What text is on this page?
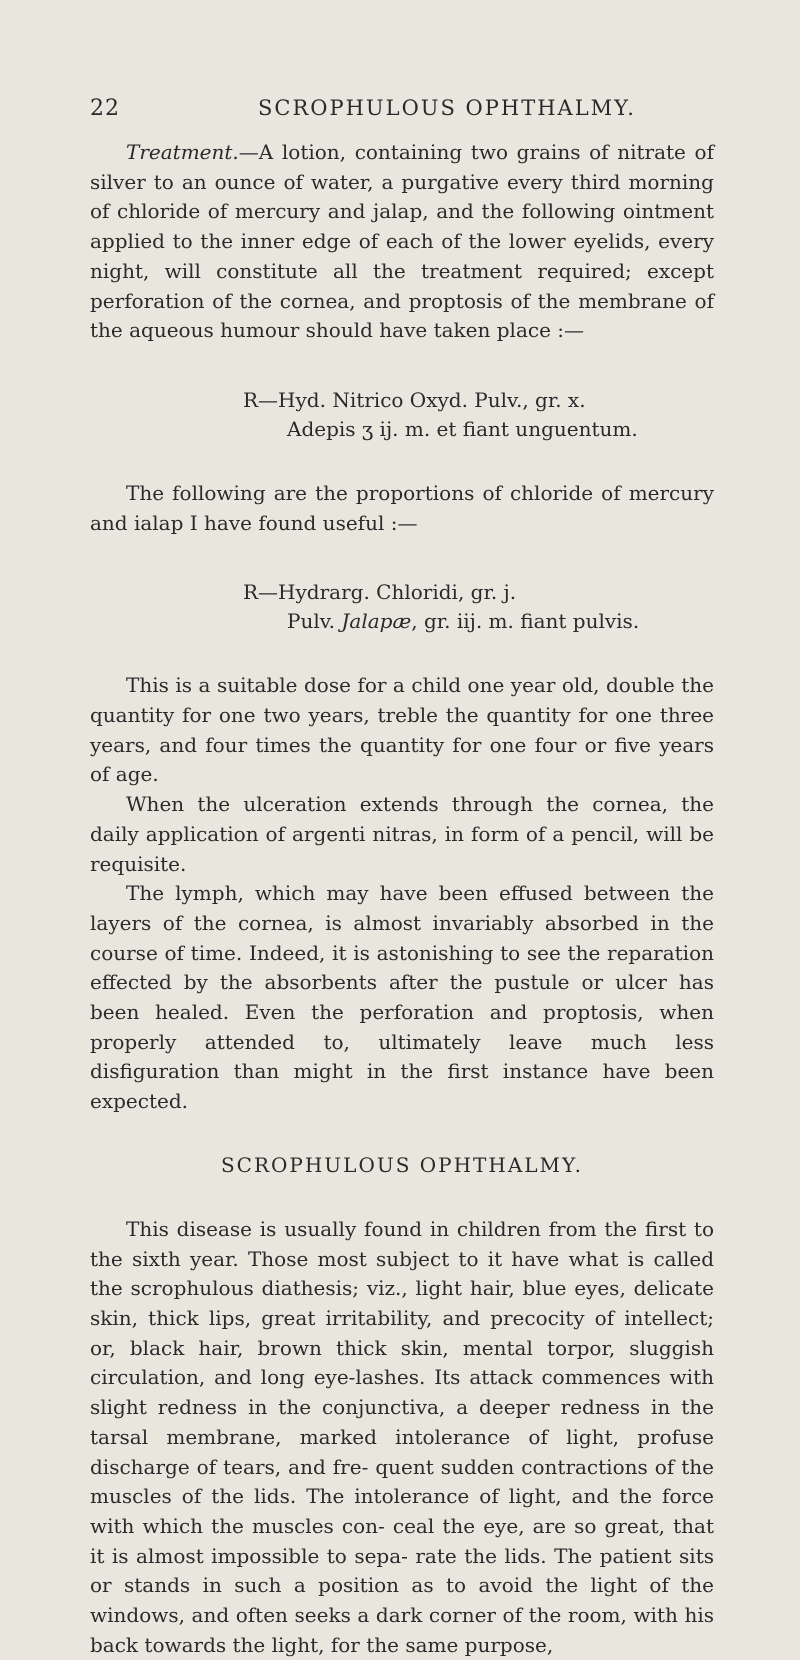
22	SCROPHULOUS OPHTHALMY.

Treatment.—A lotion, containing two grains of nitrate of silver to an ounce of water, a purgative every third morning of chloride of mercury and jalap, and the following ointment applied to the inner edge of each of the lower eyelids, every night, will constitute all the treatment required; except perforation of the cornea, and proptosis of the membrane of the aqueous humour should have taken place :—

R—Hyd. Nitrico Oxyd. Pulv., gr. x.
Adepis ʒ ij. m. et fiant unguentum.

The following are the proportions of chloride of mercury and ialap I have found useful :—

R—Hydrarg. Chloridi, gr. j.
Pulv. Jalapæ, gr. iij. m. fiant pulvis.

This is a suitable dose for a child one year old, double the quantity for one two years, treble the quantity for one three years, and four times the quantity for one four or five years of age.

When the ulceration extends through the cornea, the daily application of argenti nitras, in form of a pencil, will be requisite.

The lymph, which may have been effused between the layers of the cornea, is almost invariably absorbed in the course of time. Indeed, it is astonishing to see the reparation effected by the absorbents after the pustule or ulcer has been healed. Even the perforation and proptosis, when properly attended to, ultimately leave much less disfiguration than might in the first instance have been expected.

SCROPHULOUS OPHTHALMY.

This disease is usually found in children from the first to the sixth year. Those most subject to it have what is called the scrophulous diathesis; viz., light hair, blue eyes, delicate skin, thick lips, great irritability, and precocity of intellect; or, black hair, brown thick skin, mental torpor, sluggish circulation, and long eye-lashes. Its attack commences with slight redness in the conjunctiva, a deeper redness in the tarsal membrane, marked intolerance of light, profuse discharge of tears, and fre- quent sudden contractions of the muscles of the lids. The intolerance of light, and the force with which the muscles con- ceal the eye, are so great, that it is almost impossible to sepa- rate the lids. The patient sits or stands in such a position as to avoid the light of the windows, and often seeks a dark corner of the room, with his back towards the light, for the same purpose,
